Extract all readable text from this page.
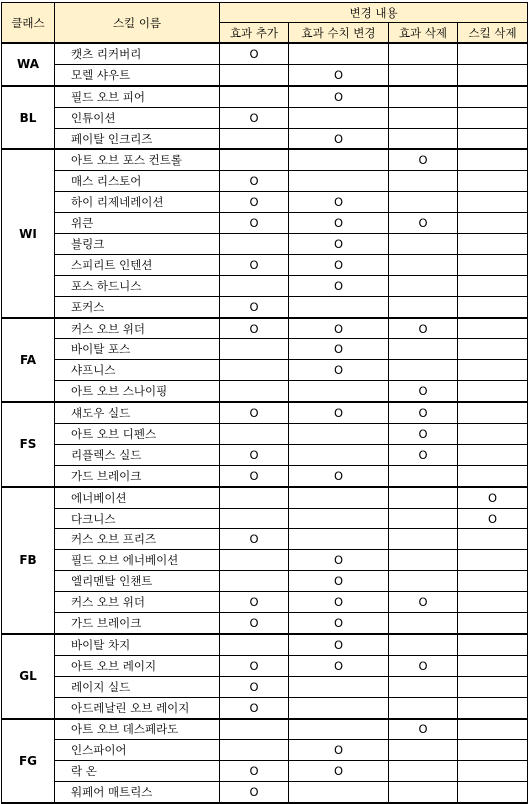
클래스	스킬 이름	변경 내용			
		효과 추가	효과 수치 변경	효과 삭제	스킬 삭제
WA	캣츠 리커버리	O			
	모렐 샤우트		O		
BL	필드 오브 피어		O		
	인튜이션	O			
	페이탈 인크리즈		O		
WI	아트 오브 포스 컨트롤			O	
	매스 리스토어	O			
	하이 리제네레이션	O	O		
	위큰	O	O	O	
	블링크		O		
	스피리트 인텐션	O	O		
	포스 하드니스		O		
	포커스	O			
FA	커스 오브 위더	O	O	O	
	바이탈 포스		O		
	샤프니스		O		
	아트 오브 스나이핑			O	
FS	섀도우 실드	O	O	O	
	아트 오브 디펜스			O	
	리플렉스 실드	O		O	
	가드 브레이크	O	O		
FB	에너베이션				O
	다크니스				O
	커스 오브 프리즈	O			
	필드 오브 에너베이션		O		
	엘리멘탈 인챈트		O		
	커스 오브 위더	O	O	O	
	가드 브레이크	O	O		
GL	바이탈 차지		O		
	아트 오브 레이지	O	O	O	
	레이지 실드	O			
	아드레날린 오브 레이지	O			
FG	아트 오브 데스페라도			O	
	인스파이어		O		
	락 온	O	O		
	워페어 매트릭스	O			
